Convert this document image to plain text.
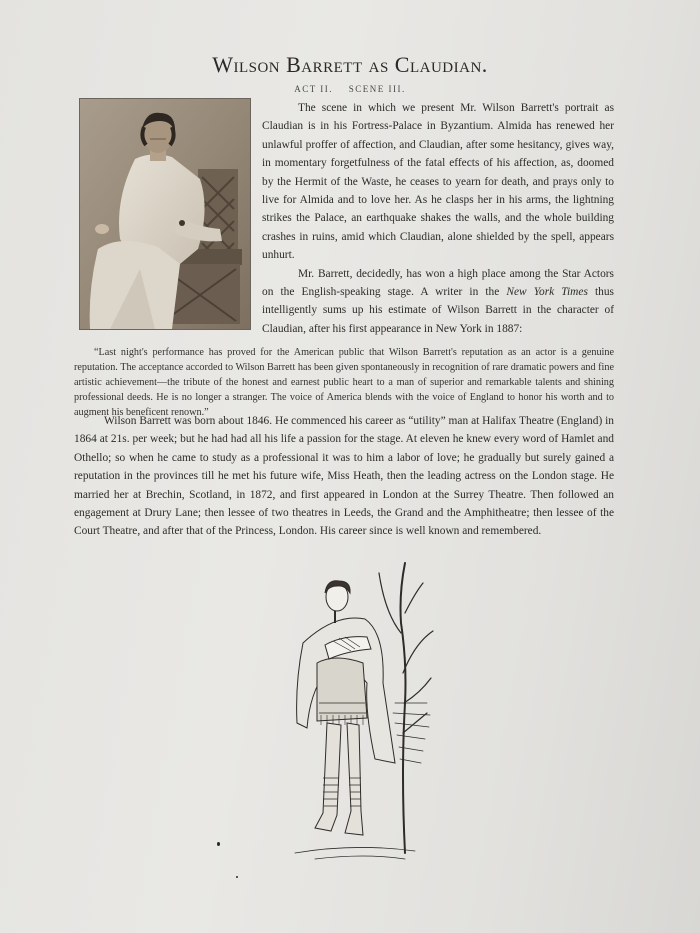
Wilson Barrett as Claudian.
ACT II. SCENE III.

The scene in which we present Mr. Wilson Barrett's portrait as Claudian is in his Fortress-Palace in Byzantium. Almida has renewed her unlawful proffer of affection, and Claudian, after some hesitancy, gives way, in momentary forgetfulness of the fatal effects of his affection, as, doomed by the Hermit of the Waste, he ceases to yearn for death, and prays only to live for Almida and to love her. As he clasps her in his arms, the lightning strikes the Palace, an earthquake shakes the walls, and the whole building crashes in ruins, amid which Claudian, alone shielded by the spell, appears unhurt.

Mr. Barrett, decidedly, has won a high place among the Star Actors on the English-speaking stage. A writer in the New York Times thus intelligently sums up his estimate of Wilson Barrett in the character of Claudian, after his first appearance in New York in 1887:

“Last night's performance has proved for the American public that Wilson Barrett's reputation as an actor is a genuine reputation. The acceptance accorded to Wilson Barrett has been given spontaneously in recognition of rare dramatic powers and fine artistic achievement—the tribute of the honest and earnest public heart to a man of superior and remarkable talents and shining professional deeds. He is no longer a stranger. The voice of America blends with the voice of England to honor his worth and to augment his beneficent renown.”

Wilson Barrett was born about 1846. He commenced his career as “utility” man at Halifax Theatre (England) in 1864 at 21s. per week; but he had had all his life a passion for the stage. At eleven he knew every word of Hamlet and Othello; so when he came to study as a professional it was to him a labor of love; he gradually but surely gained a reputation in the provinces till he met his future wife, Miss Heath, then the leading actress on the London stage. He married her at Brechin, Scotland, in 1872, and first appeared in London at the Surrey Theatre. Then followed an engagement at Drury Lane; then lessee of two theatres in Leeds, the Grand and the Amphitheatre; then lessee of the Court Theatre, and after that of the Princess, London. His career since is well known and remembered.
